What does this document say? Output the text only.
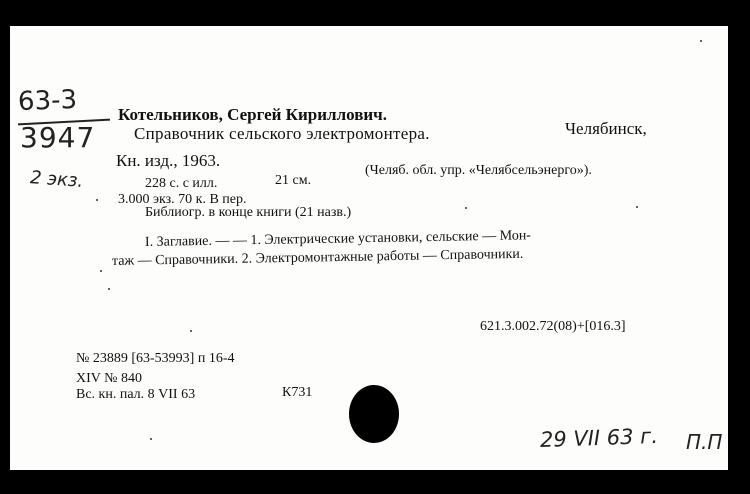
63-3
3947
2 экз.
29 VII 63 г. П.П
Котельников, Сергей Кириллович.
Справочник сельского электромонтера.	Челябинск,
Кн. изд., 1963.
228 с. с илл.	21 см.
(Челяб. обл. упр. «Челябсельэнерго»).
3.000 экз. 70 к. В пер.
Библиогр. в конце книги (21 назв.)
I. Заглавие. — — 1. Электрические установки, сельские — Мон-
таж — Справочники. 2. Электромонтажные работы — Справочники.
621.3.002.72(08)+[016.3]
№ 23889 [63-53993] п 16-4
XIV № 840
Вс. кн. пал. 8 VII 63	К731
